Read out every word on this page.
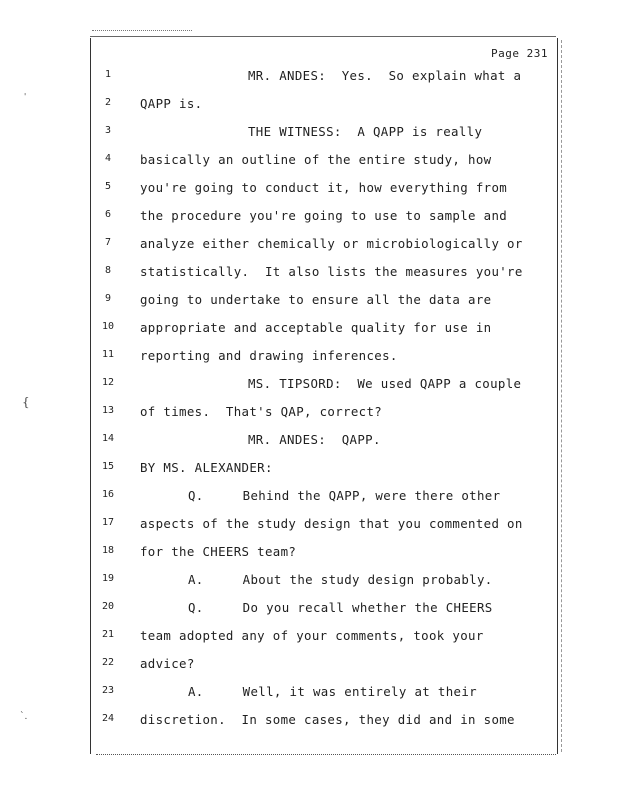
{
'
`.
Page 231
1	MR. ANDES:  Yes.  So explain what a
2	QAPP is.
3	THE WITNESS:  A QAPP is really
4	basically an outline of the entire study, how
5	you're going to conduct it, how everything from
6	the procedure you're going to use to sample and
7	analyze either chemically or microbiologically or
8	statistically.  It also lists the measures you're
9	going to undertake to ensure all the data are
10	appropriate and acceptable quality for use in
11	reporting and drawing inferences.
12	MS. TIPSORD:  We used QAPP a couple
13	of times.  That's QAP, correct?
14	MR. ANDES:  QAPP.
15	BY MS. ALEXANDER:
16	Q.     Behind the QAPP, were there other
17	aspects of the study design that you commented on
18	for the CHEERS team?
19	A.     About the study design probably.
20	Q.     Do you recall whether the CHEERS
21	team adopted any of your comments, took your
22	advice?
23	A.     Well, it was entirely at their
24	discretion.  In some cases, they did and in some
